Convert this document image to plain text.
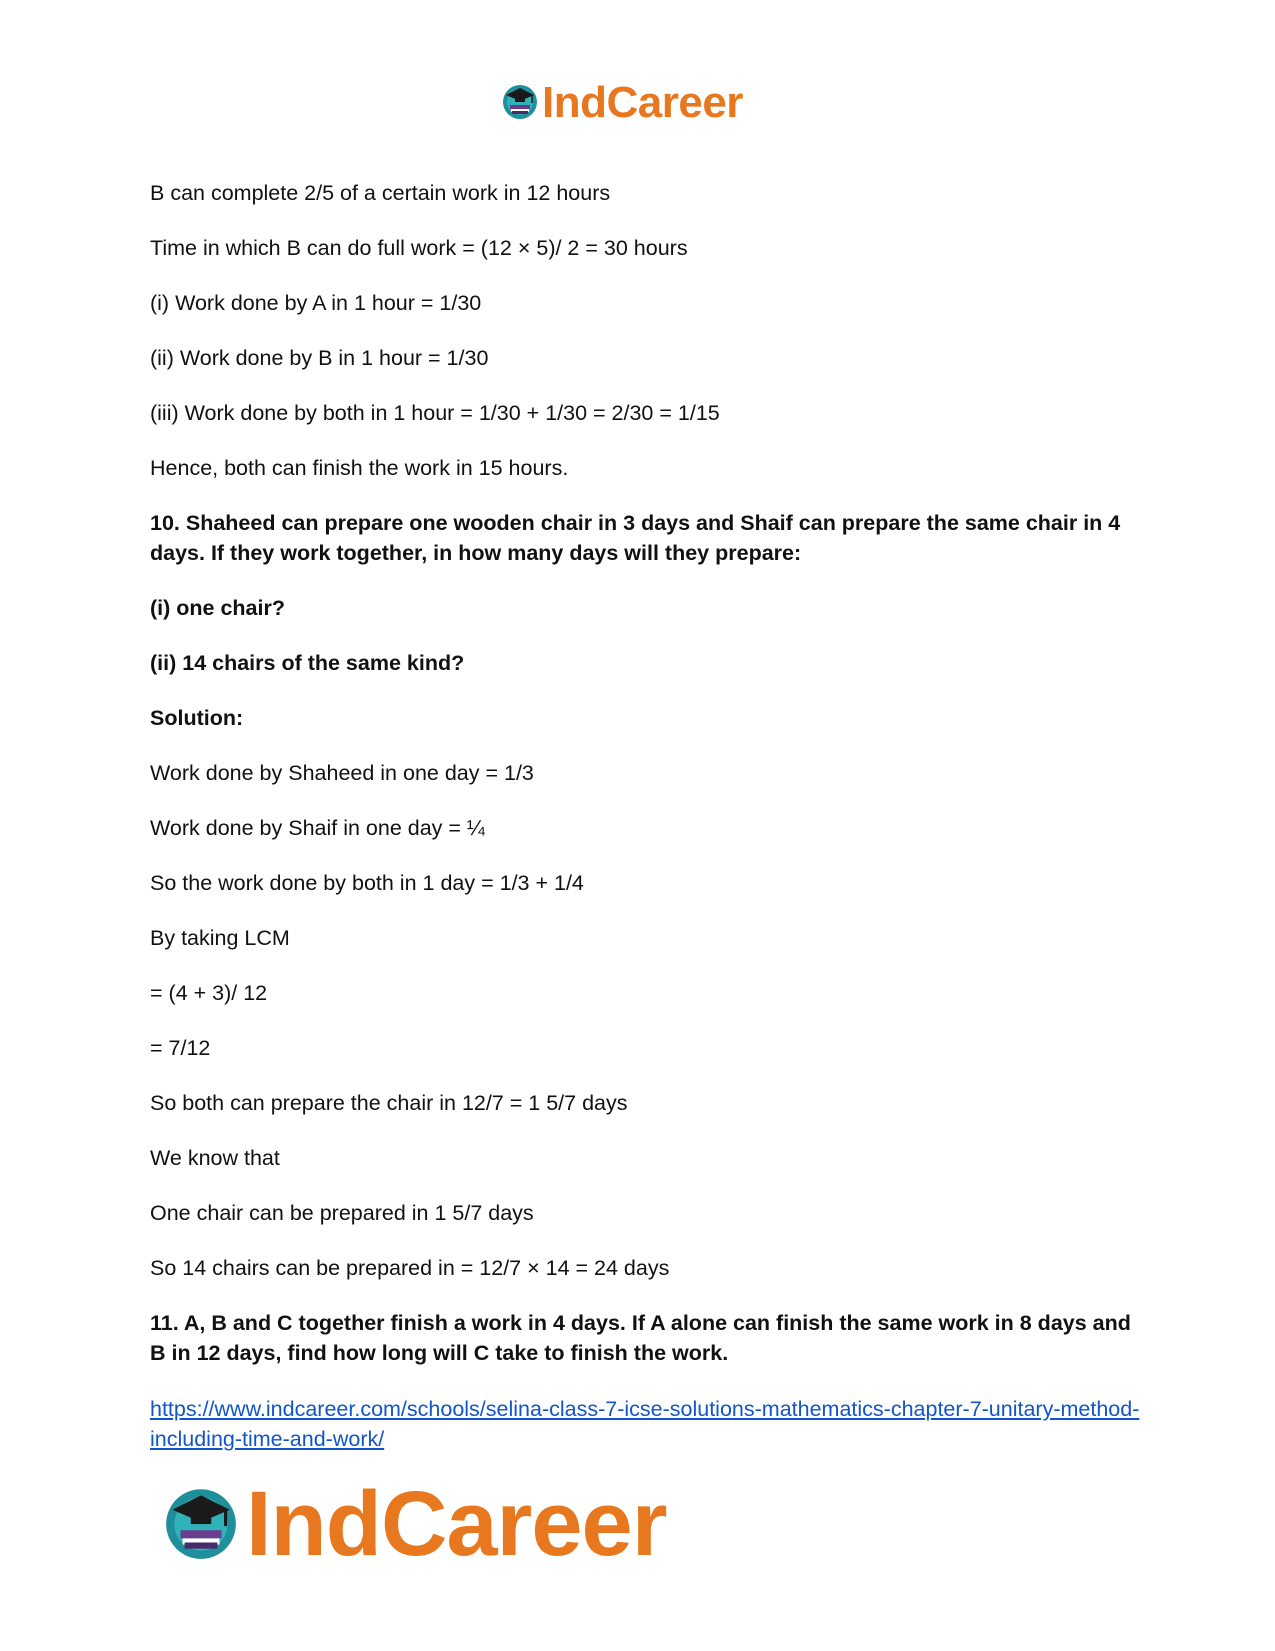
IndCareer

B can complete 2/5 of a certain work in 12 hours

Time in which B can do full work = (12 × 5)/ 2 = 30 hours

(i) Work done by A in 1 hour = 1/30

(ii) Work done by B in 1 hour = 1/30

(iii) Work done by both in 1 hour = 1/30 + 1/30 = 2/30 = 1/15

Hence, both can finish the work in 15 hours.

10. Shaheed can prepare one wooden chair in 3 days and Shaif can prepare the same chair in 4 days. If they work together, in how many days will they prepare:

(i) one chair?

(ii) 14 chairs of the same kind?

Solution:

Work done by Shaheed in one day = 1/3

Work done by Shaif in one day = ¼

So the work done by both in 1 day = 1/3 + 1/4

By taking LCM

= (4 + 3)/ 12

= 7/12

So both can prepare the chair in 12/7 = 1 5/7 days

We know that

One chair can be prepared in 1 5/7 days

So 14 chairs can be prepared in = 12/7 × 14 = 24 days

11. A, B and C together finish a work in 4 days. If A alone can finish the same work in 8 days and B in 12 days, find how long will C take to finish the work.

https://www.indcareer.com/schools/selina-class-7-icse-solutions-mathematics-chapter-7-unitary-method-including-time-and-work/
IndCareer
